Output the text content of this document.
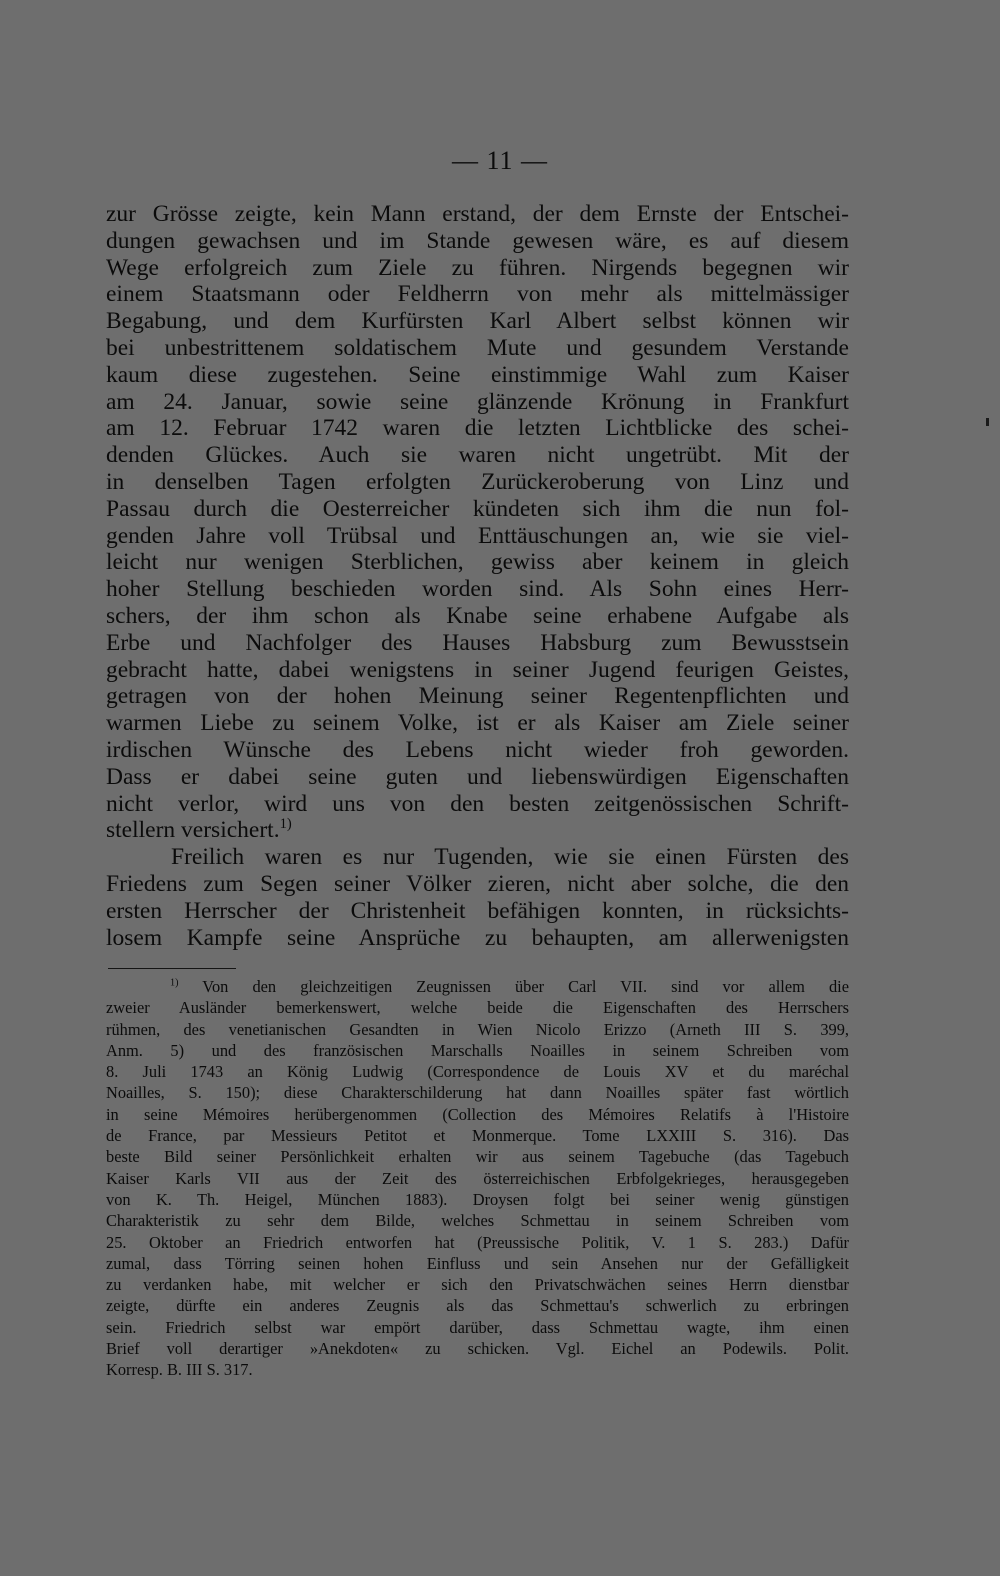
— 11 —
zur Grösse zeigte, kein Mann erstand, der dem Ernste der Entschei-
dungen gewachsen und im Stande gewesen wäre, es auf diesem
Wege erfolgreich zum Ziele zu führen. Nirgends begegnen wir
einem Staatsmann oder Feldherrn von mehr als mittelmässiger
Begabung, und dem Kurfürsten Karl Albert selbst können wir
bei unbestrittenem soldatischem Mute und gesundem Verstande
kaum diese zugestehen. Seine einstimmige Wahl zum Kaiser
am 24. Januar, sowie seine glänzende Krönung in Frankfurt
am 12. Februar 1742 waren die letzten Lichtblicke des schei-
denden Glückes. Auch sie waren nicht ungetrübt. Mit der
in denselben Tagen erfolgten Zurückeroberung von Linz und
Passau durch die Oesterreicher kündeten sich ihm die nun fol-
genden Jahre voll Trübsal und Enttäuschungen an, wie sie viel-
leicht nur wenigen Sterblichen, gewiss aber keinem in gleich
hoher Stellung beschieden worden sind. Als Sohn eines Herr-
schers, der ihm schon als Knabe seine erhabene Aufgabe als
Erbe und Nachfolger des Hauses Habsburg zum Bewusstsein
gebracht hatte, dabei wenigstens in seiner Jugend feurigen Geistes,
getragen von der hohen Meinung seiner Regentenpflichten und
warmen Liebe zu seinem Volke, ist er als Kaiser am Ziele seiner
irdischen Wünsche des Lebens nicht wieder froh geworden.
Dass er dabei seine guten und liebenswürdigen Eigenschaften
nicht verlor, wird uns von den besten zeitgenössischen Schrift-
stellern versichert.$^{1)}$
Freilich waren es nur Tugenden, wie sie einen Fürsten des
Friedens zum Segen seiner Völker zieren, nicht aber solche, die den
ersten Herrscher der Christenheit befähigen konnten, in rücksichts-
losem Kampfe seine Ansprüche zu behaupten, am allerwenigsten
$^{1)}$ Von den gleichzeitigen Zeugnissen über Carl VII. sind vor allem die
zweier Ausländer bemerkenswert, welche beide die Eigenschaften des Herrschers
rühmen, des venetianischen Gesandten in Wien Nicolo Erizzo (Arneth III S. 399,
Anm. 5) und des französischen Marschalls Noailles in seinem Schreiben vom
8. Juli 1743 an König Ludwig (Correspondence de Louis XV et du maréchal
Noailles, S. 150); diese Charakterschilderung hat dann Noailles später fast wörtlich
in seine Mémoires herübergenommen (Collection des Mémoires Relatifs à l'Histoire
de France, par Messieurs Petitot et Monmerque. Tome LXXIII S. 316). Das
beste Bild seiner Persönlichkeit erhalten wir aus seinem Tagebuche (das Tagebuch
Kaiser Karls VII aus der Zeit des österreichischen Erbfolgekrieges, herausgegeben
von K. Th. Heigel, München 1883). Droysen folgt bei seiner wenig günstigen
Charakteristik zu sehr dem Bilde, welches Schmettau in seinem Schreiben vom
25. Oktober an Friedrich entworfen hat (Preussische Politik, V. 1 S. 283.) Dafür
zumal, dass Törring seinen hohen Einfluss und sein Ansehen nur der Gefälligkeit
zu verdanken habe, mit welcher er sich den Privatschwächen seines Herrn dienstbar
zeigte, dürfte ein anderes Zeugnis als das Schmettau's schwerlich zu erbringen
sein. Friedrich selbst war empört darüber, dass Schmettau wagte, ihm einen
Brief voll derartiger »Anekdoten« zu schicken. Vgl. Eichel an Podewils. Polit.
Korresp. B. III S. 317.
